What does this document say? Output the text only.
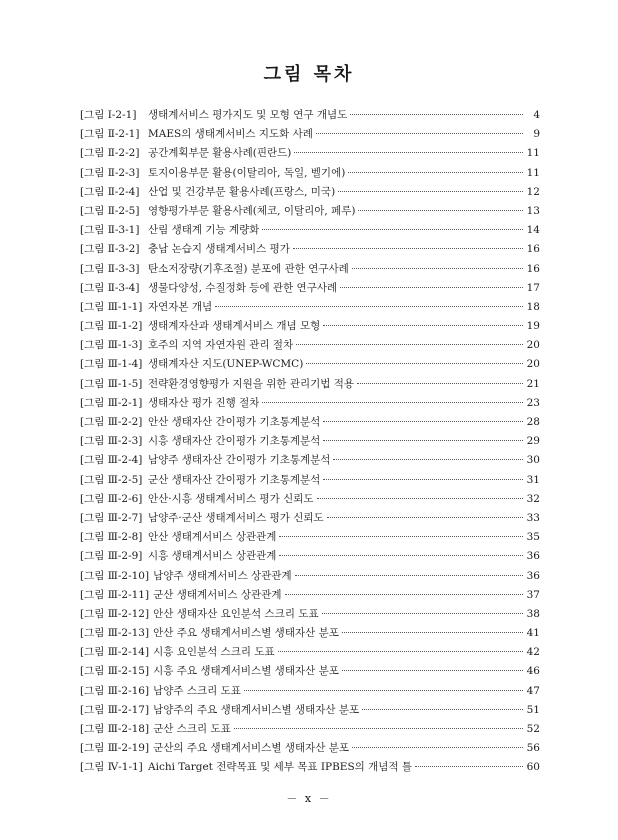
그림 목차
[그림 Ⅰ-2-1]	생태계서비스 평가지도 및 모형 연구 개념도	4
[그림 Ⅱ-2-1] MAES의 생태계서비스 지도화 사례	9
[그림 Ⅱ-2-2] 공간계획부문 활용사례(핀란드)	11
[그림 Ⅱ-2-3] 토지이용부문 활용(이탈리아, 독일, 벨기에)	11
[그림 Ⅱ-2-4] 산업 및 건강부문 활용사례(프랑스, 미국)	12
[그림 Ⅱ-2-5] 영향평가부문 활용사례(체코, 이탈리아, 페루)	13
[그림 Ⅱ-3-1] 산림 생태계 기능 계량화	14
[그림 Ⅱ-3-2] 충남 논습지 생태계서비스 평가	16
[그림 Ⅱ-3-3] 탄소저장량(기후조절) 분포에 관한 연구사례	16
[그림 Ⅱ-3-4] 생물다양성, 수질정화 등에 관한 연구사례	17
[그림 Ⅲ-1-1] 자연자본 개념	18
[그림 Ⅲ-1-2] 생태계자산과 생태계서비스 개념 모형	19
[그림 Ⅲ-1-3] 호주의 지역 자연자원 관리 절차	20
[그림 Ⅲ-1-4] 생태계자산 지도(UNEP-WCMC)	20
[그림 Ⅲ-1-5] 전략환경영향평가 지원을 위한 관리기법 적용	21
[그림 Ⅲ-2-1] 생태자산 평가 진행 절차	23
[그림 Ⅲ-2-2] 안산 생태자산 간이평가 기초통계분석	28
[그림 Ⅲ-2-3] 시흥 생태자산 간이평가 기초통계분석	29
[그림 Ⅲ-2-4] 남양주 생태자산 간이평가 기초통계분석	30
[그림 Ⅲ-2-5] 군산 생태자산 간이평가 기초통계분석	31
[그림 Ⅲ-2-6] 안산·시흥 생태계서비스 평가 신뢰도	32
[그림 Ⅲ-2-7] 남양주·군산 생태계서비스 평가 신뢰도	33
[그림 Ⅲ-2-8] 안산 생태계서비스 상관관계	35
[그림 Ⅲ-2-9] 시흥 생태계서비스 상관관계	36
[그림 Ⅲ-2-10] 남양주 생태계서비스 상관관계	36
[그림 Ⅲ-2-11] 군산 생태계서비스 상관관계	37
[그림 Ⅲ-2-12] 안산 생태자산 요인분석 스크리 도표	38
[그림 Ⅲ-2-13] 안산 주요 생태계서비스별 생태자산 분포	41
[그림 Ⅲ-2-14] 시흥 요인분석 스크리 도표	42
[그림 Ⅲ-2-15] 시흥 주요 생태계서비스별 생태자산 분포	46
[그림 Ⅲ-2-16] 남양주 스크리 도표	47
[그림 Ⅲ-2-17] 남양주의 주요 생태계서비스별 생태자산 분포	51
[그림 Ⅲ-2-18] 군산 스크리 도표	52
[그림 Ⅲ-2-19] 군산의 주요 생태계서비스별 생태자산 분포	56
[그림 Ⅳ-1-1] Aichi Target 전략목표 및 세부 목표 IPBES의 개념적 틀	60
－ x －
